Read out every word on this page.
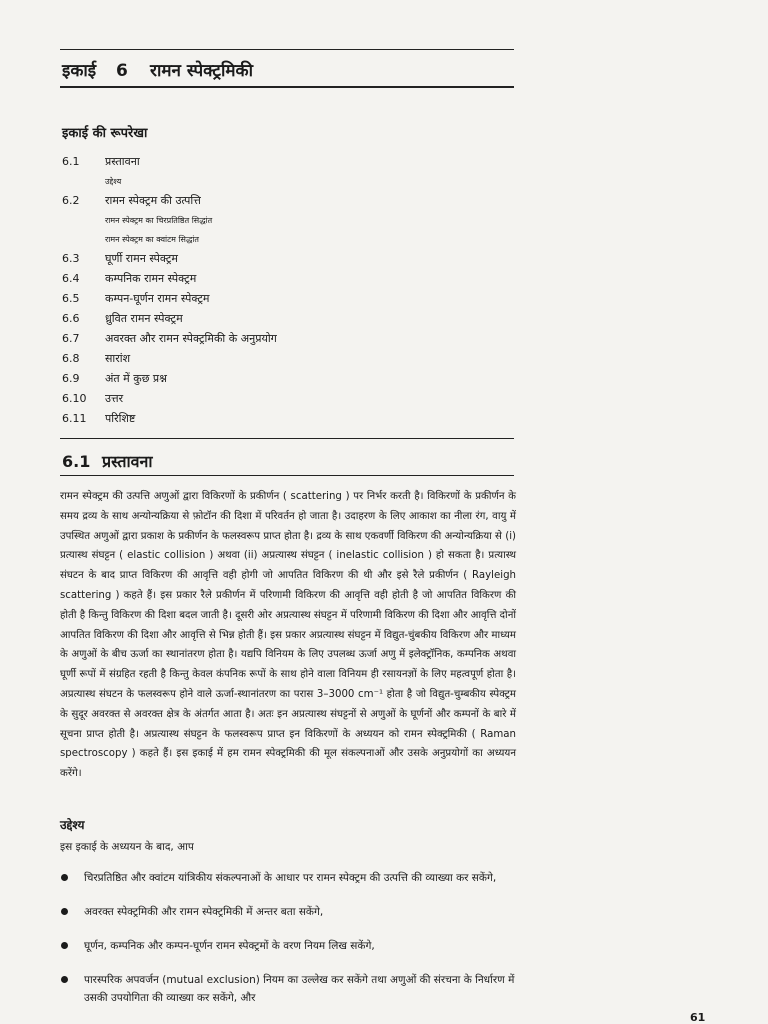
इकाई 6 रामन स्पेक्ट्रमिकी
इकाई की रूपरेखा
6.1	प्रस्तावना
उद्देश्य
6.2	रामन स्पेक्ट्रम की उत्पत्ति
रामन स्पेक्ट्रम का चिरप्रतिष्ठित सिद्धांत
रामन स्पेक्ट्रम का क्वांटम सिद्धांत
6.3	घूर्णी रामन स्पेक्ट्रम
6.4	कम्पनिक रामन स्पेक्ट्रम
6.5	कम्पन-घूर्णन रामन स्पेक्ट्रम
6.6	ध्रुवित रामन स्पेक्ट्रम
6.7	अवरक्त और रामन स्पेक्ट्रमिकी के अनुप्रयोग
6.8	सारांश
6.9	अंत में कुछ प्रश्न
6.10	उत्तर
6.11	परिशिष्ट
6.1 प्रस्तावना

रामन स्पेक्ट्रम की उत्पत्ति अणुओं द्वारा विकिरणों के प्रकीर्णन ( scattering ) पर निर्भर करती है। विकिरणों के प्रकीर्णन के समय द्रव्य के साथ अन्योन्यक्रिया से फ़ोटॉन की दिशा में परिवर्तन हो जाता है। उदाहरण के लिए आकाश का नीला रंग, वायु में उपस्थित अणुओं द्वारा प्रकाश के प्रकीर्णन के फलस्वरूप प्राप्त होता है। द्रव्य के साथ एकवर्णी विकिरण की अन्योन्यक्रिया से (i) प्रत्यास्थ संघट्टन ( elastic collision ) अथवा (ii) अप्रत्यास्थ संघट्टन ( inelastic collision ) हो सकता है। प्रत्यास्थ संघटन के बाद प्राप्त विकिरण की आवृत्ति वही होगी जो आपतित विकिरण की थी और इसे रैले प्रकीर्णन ( Rayleigh scattering ) कहते हैं। इस प्रकार रैले प्रकीर्णन में परिणामी विकिरण की आवृत्ति वही होती है जो आपतित विकिरण की होती है किन्तु विकिरण की दिशा बदल जाती है। दूसरी ओर अप्रत्यास्थ संघट्टन में परिणामी विकिरण की दिशा और आवृत्ति दोनों आपतित विकिरण की दिशा और आवृत्ति से भिन्न होती हैं। इस प्रकार अप्रत्यास्थ संघट्टन में विद्युत-चुंबकीय विकिरण और माध्यम के अणुओं के बीच ऊर्जा का स्थानांतरण होता है। यद्यपि विनियम के लिए उपलब्ध ऊर्जा अणु में इलेक्ट्रॉनिक, कम्पनिक अथवा घूर्णी रूपों में संग्रहित रहती है किन्तु केवल कंपनिक रूपों के साथ होने वाला विनियम ही रसायनज्ञों के लिए महत्वपूर्ण होता है। अप्रत्यास्थ संघटन के फलस्वरूप होने वाले ऊर्जा-स्थानांतरण का परास 3–3000 cm⁻¹ होता है जो विद्युत-चुम्बकीय स्पेक्ट्रम के सुदूर अवरक्त से अवरक्त क्षेत्र के अंतर्गत आता है। अतः इन अप्रत्यास्थ संघट्टनों से अणुओं के घूर्णनों और कम्पनों के बारे में सूचना प्राप्त होती है। अप्रत्यास्थ संघट्टन के फलस्वरूप प्राप्त इन विकिरणों के अध्ययन को रामन स्पेक्ट्रमिकी ( Raman spectroscopy ) कहते हैं। इस इकाई में हम रामन स्पेक्ट्रमिकी की मूल संकल्पनाओं और उसके अनुप्रयोगों का अध्ययन करेंगे।

उद्देश्य
इस इकाई के अध्ययन के बाद, आप
चिरप्रतिष्ठित और क्वांटम यांत्रिकीय संकल्पनाओं के आधार पर रामन स्पेक्ट्रम की उत्पत्ति की व्याख्या कर सकेंगे,
अवरक्त स्पेक्ट्रमिकी और रामन स्पेक्ट्रमिकी में अन्तर बता सकेंगे,
घूर्णन, कम्पनिक और कम्पन-घूर्णन रामन स्पेक्ट्रमों के वरण नियम लिख सकेंगे,
पारस्परिक अपवर्जन (mutual exclusion) नियम का उल्लेख कर सकेंगे तथा अणुओं की संरचना के निर्धारण में उसकी उपयोगिता की व्याख्या कर सकेंगे, और
61
